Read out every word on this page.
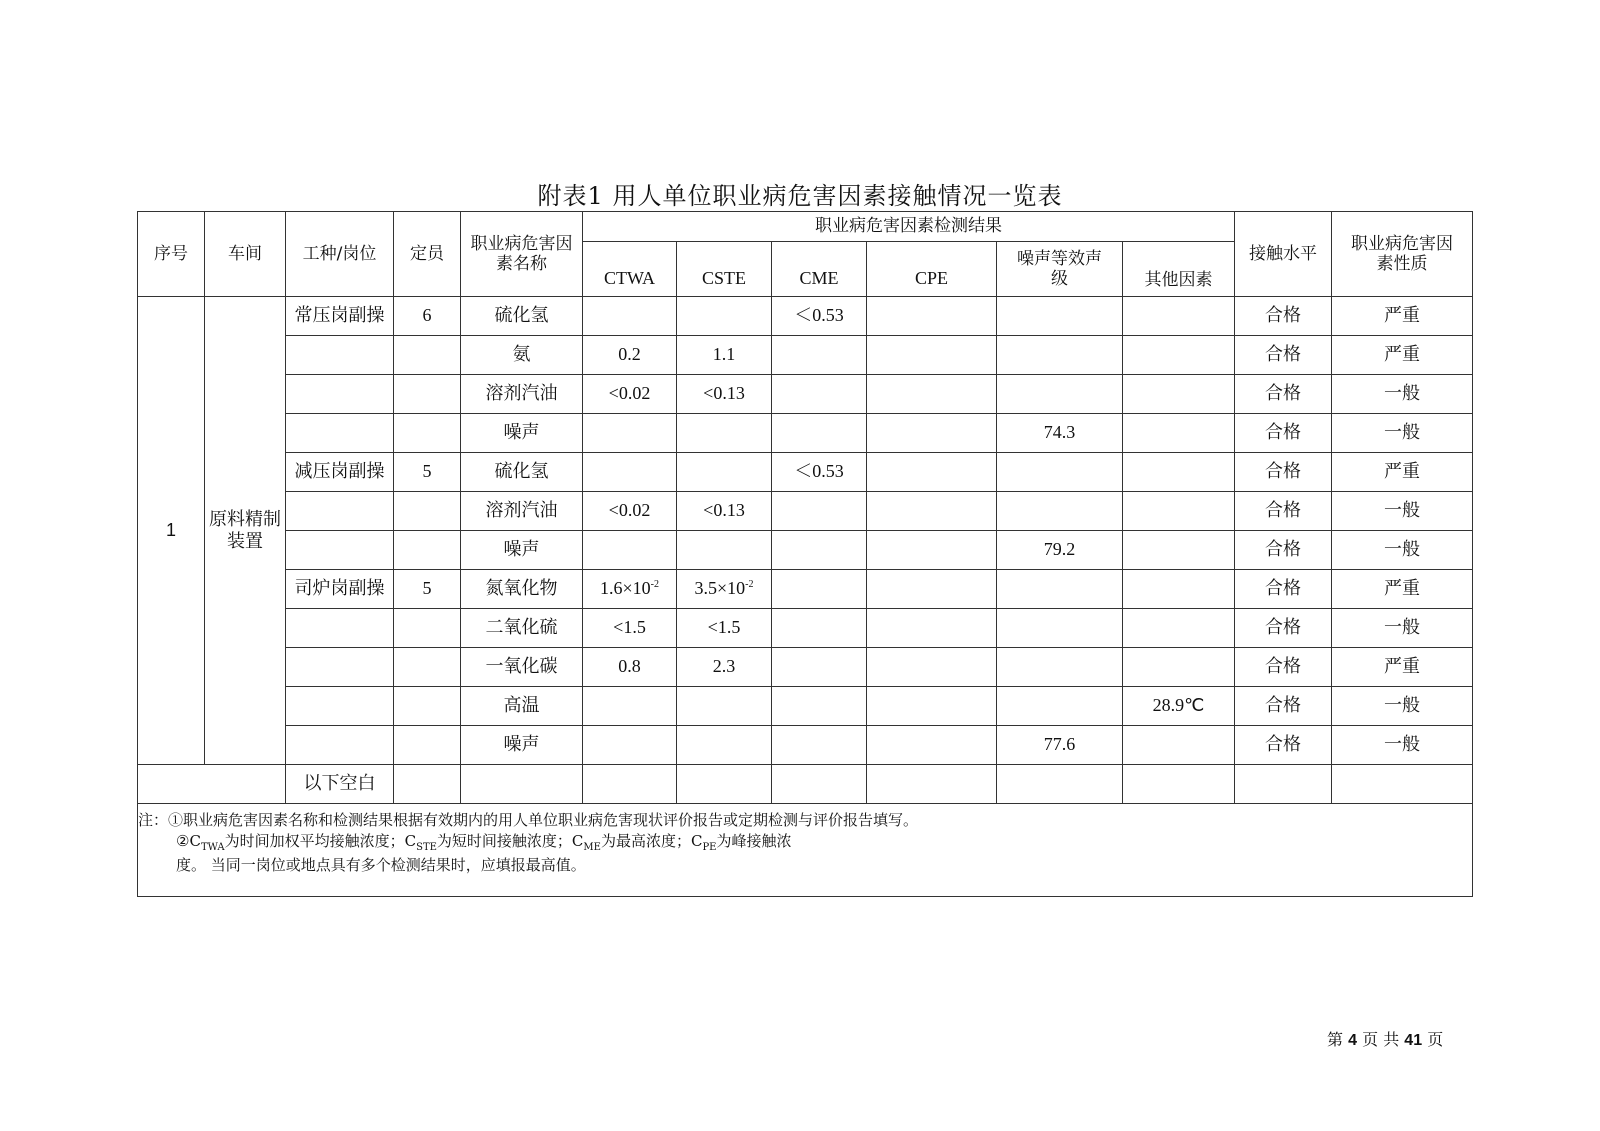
附表1 用人单位职业病危害因素接触情况一览表
序号	车间	工种/岗位	定员	职业病危害因素名称	职业病危害因素检测结果						接触水平	职业病危害因素性质
					CTWA	CSTE	CME	CPE	噪声等效声级	其他因素		
1	原料精制装置	常压岗副操	6	硫化氢			＜0.53				合格	严重
				氨	0.2	1.1					合格	严重
				溶剂汽油	<0.02	<0.13					合格	一般
				噪声					74.3		合格	一般
		减压岗副操	5	硫化氢			＜0.53				合格	严重
				溶剂汽油	<0.02	<0.13					合格	一般
				噪声					79.2		合格	一般
		司炉岗副操	5	氮氧化物	$1.6\times 10^{-2}$	$3.5\times 10^{-2}$					合格	严重
				二氧化硫	<1.5	<1.5					合格	一般
				一氧化碳	0.8	2.3					合格	严重
				高温						28.9℃	合格	一般
				噪声					77.6		合格	一般
		以下空白										

注：①职业病危害因素名称和检测结果根据有效期内的用人单位职业病危害现状评价报告或定期检测与评价报告填写。
$②C_{TWA}$为时间加权平均接触浓度；$C_{STE}$为短时间接触浓度；$C_{ME}$为最高浓度；$C_{PE}$为峰接触浓
度。 当同一岗位或地点具有多个检测结果时，应填报最高值。												
第 4 页 共 41 页
